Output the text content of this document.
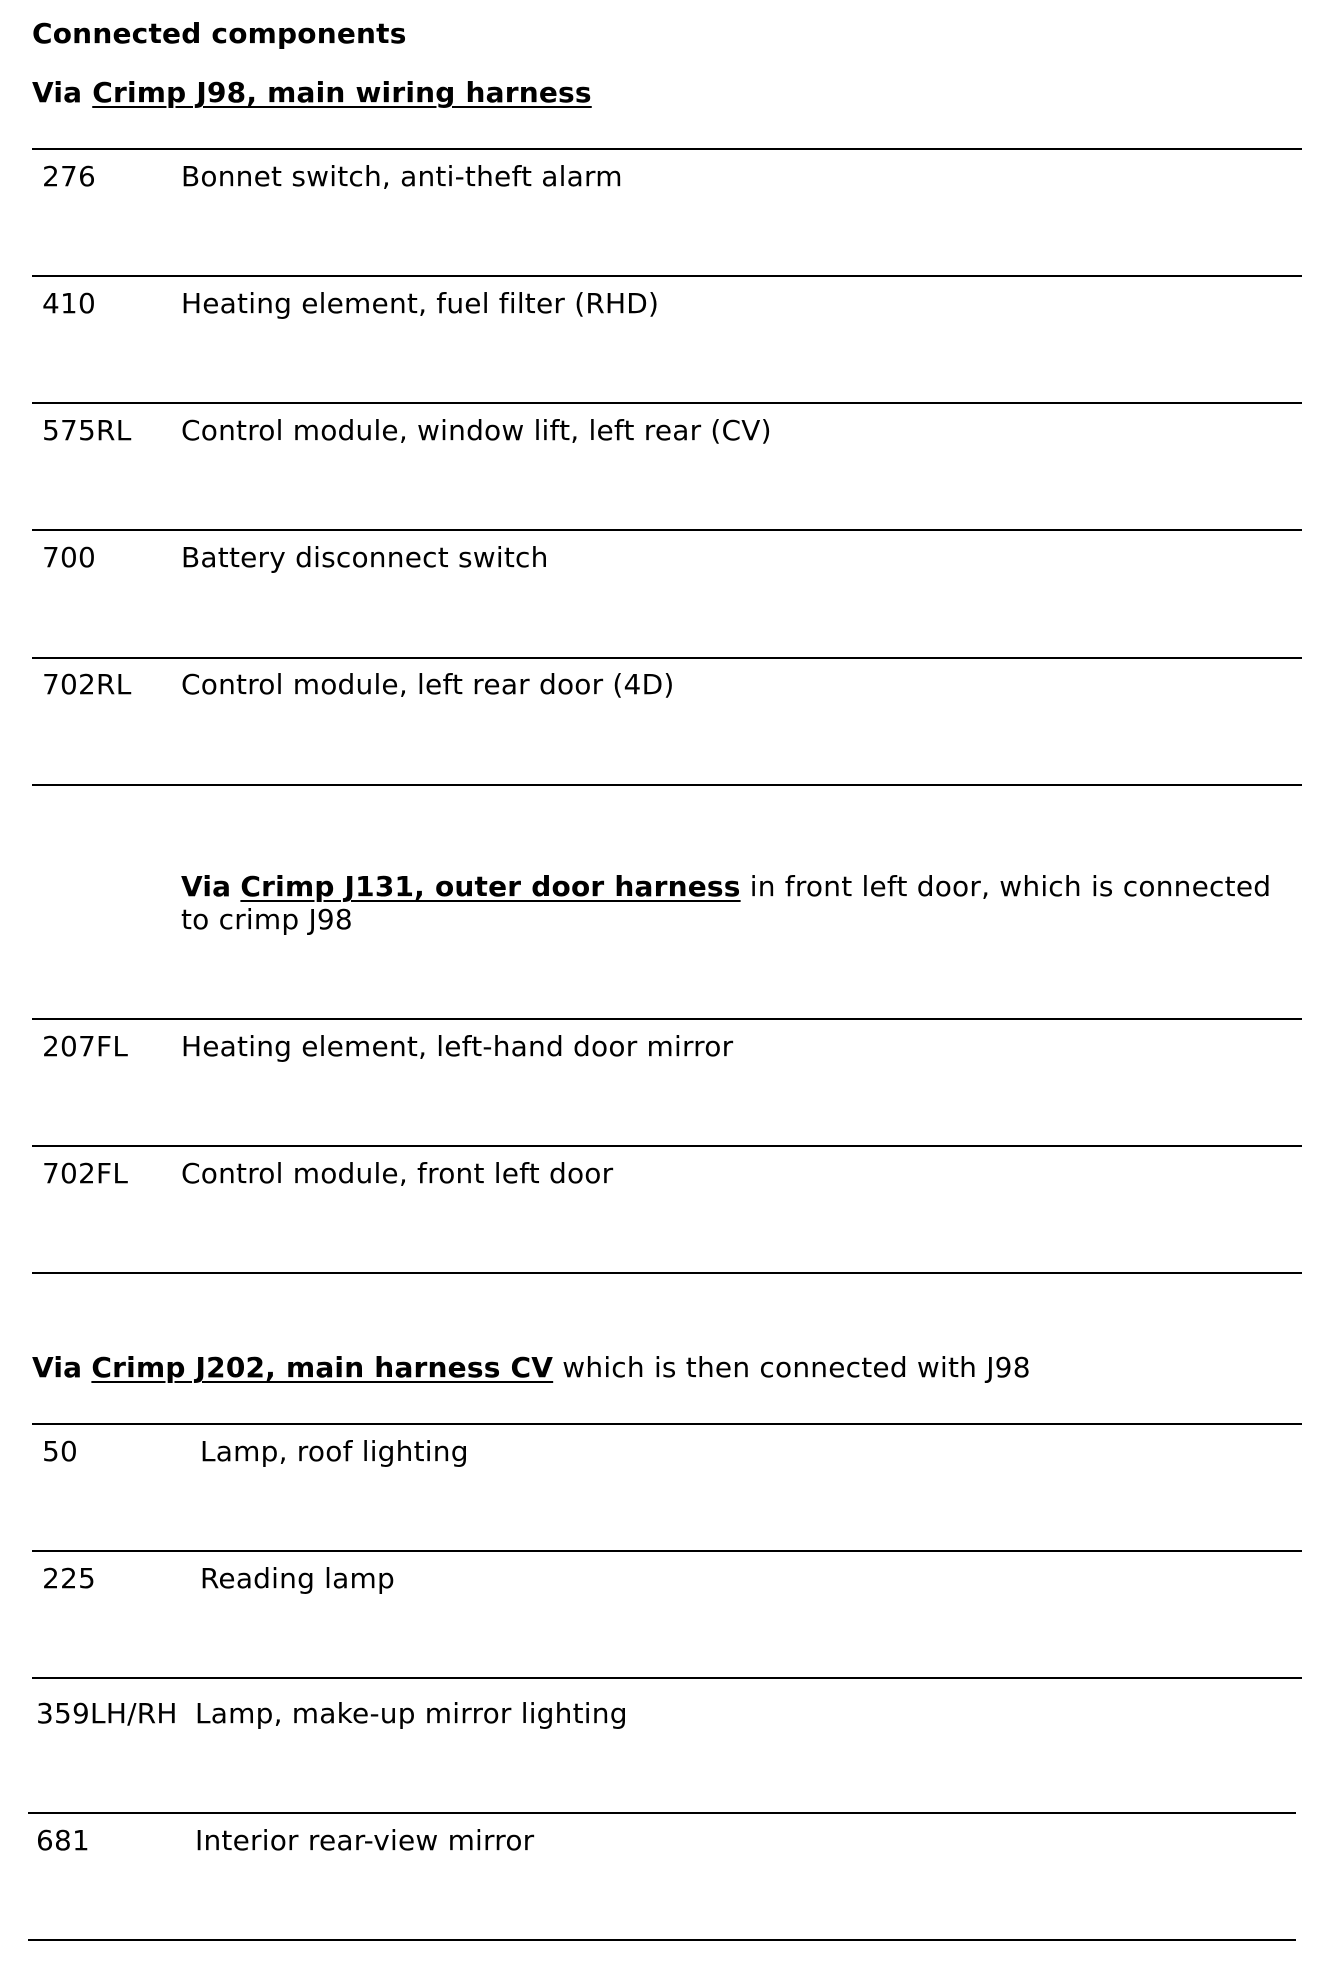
Connected components
Via Crimp J98, main wiring harness
276	Bonnet switch, anti-theft alarm
410	Heating element, fuel filter (RHD)
575RL Control module, window lift, left rear (CV)
700	Battery disconnect switch
702RL Control module, left rear door (4D)
Via Crimp J131, outer door harness in front left door, which is connected
to crimp J98
207FL Heating element, left-hand door mirror
702FL Control module, front left door
Via Crimp J202, main harness CV which is then connected with J98
50	Lamp, roof lighting
225	Reading lamp
359LH/RH Lamp, make-up mirror lighting
681	Interior rear-view mirror
